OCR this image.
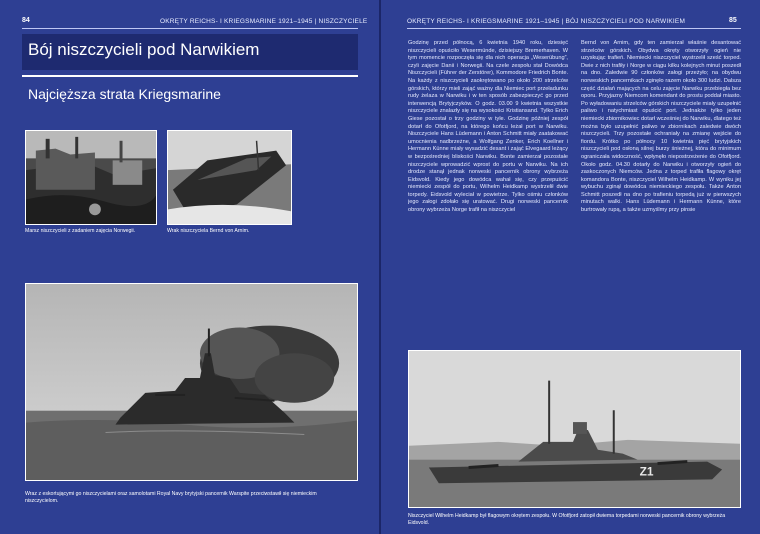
84	OKRĘTY REICHS- I KRIEGSMARINE 1921–1945 | NISZCZYCIELE
Bój niszczycieli pod Narwikiem
Najcięższa strata Kriegsmarine
Marsz niszczycieli z zadaniem zajęcia Norwegii.	Wrak niszczyciela Bernd von Arnim.
Wraz z eskortującymi go niszczycielami oraz samolotami Royal Navy brytyjski pancernik Warspite przeciwstawił się niemieckim niszczycielom.
OKRĘTY REICHS- I KRIEGSMARINE 1921–1945 | BÓJ NISZCZYCIELI POD NARWIKIEM	85

Godzinę przed północą, 6 kwietnia 1940 roku, dziesięć niszczycieli opuściło Wesermünde, dzisiejszy Bremerhaven. W tym momencie rozpoczęła się dla nich operacja „Weserübung”, czyli zajęcie Danii i Norwegii. Na czele zespołu stał Dowódca Niszczycieli (Führer der Zerstörer), Kommodore Friedrich Bonte. Na każdy z niszczycieli zaokrętowano po około 200 strzelców górskich, którzy mieli zająć ważny dla Niemiec port przeładunku rudy żelaza w Narwiku i w ten sposób zabezpieczyć go przed interwencją Brytyjczyków. O godz. 03.00 9 kwietnia wszystkie niszczyciele znalazły się na wysokości Kristiansand. Tylko Erich Giese pozostał o trzy godziny w tyle. Godzinę później zespół dotarł do Ofotfjord, na którego końcu leżał port w Narwiku. Niszczyciele Hans Lüdemann i Anton Schmitt miały zaatakować umocnienia nadbrzeżne, a Wolfgang Zenker, Erich Koellner i Hermann Künne miały wysadzić desant i zająć Elvegaard leżący w bezpośredniej bliskości Narwiku. Bonte zamierzał pozostałe niszczyciele wprowadzić wprost do portu w Narwiku. Na ich drodze stanął jednak norweski pancernik obrony wybrzeża Eidsvold. Kiedy jego dowódca wahał się, czy przepuścić niemiecki zespół do portu, Wilhelm Heidkamp wystrzelił dwie torpedy. Eidsvold wyleciał w powietrze. Tylko ośmiu członków jego załogi zdołało się uratować. Drugi norweski pancernik obrony wybrzeża Norge trafił na niszczyciel

Bernd von Arnim, gdy ten zamierzał właśnie desantować strzelców górskich. Obydwa okręty otworzyły ogień nie uzyskując trafień. Niemiecki niszczyciel wystrzelił sześć torped. Dwie z nich trafiły i Norge w ciągu kilku kolejnych minut poszedł na dno. Zaledwie 90 członków załogi przeżyło; na obydwu norweskich pancernikach zginęło razem około 300 ludzi. Dalsza część działań mających na celu zajęcie Narwiku przebiegła bez oporu. Przyjazny Niemcom komendant do prostu poddał miasto. Po wyładowaniu strzelców górskich niszczyciele miały uzupełnić paliwo i natychmiast opuścić port. Jednakże tylko jeden niemiecki zbiornikowiec dotarł wcześniej do Narwiku, dlatego też można było uzupełnić paliwo w zbiornikach zaledwie dwóch niszczycieli. Trzy pozostałe ochraniały na zmianę wejście do fiordu. Krótko po północy 10 kwietnia pięć brytyjskich niszczycieli pod osłoną silnej burzy śnieżnej, która do minimum ograniczała widoczność, wpłynęło niepostrzeżenie do Ofotfjord. Około godz. 04.30 dotarły do Narwiku i otworzyły ogień do zaskoczonych Niemców. Jedna z torped trafiła flagowy okręt komandora Bonte, niszczyciel Wilhelm Heidkamp. W wyniku jej wybuchu zginął dowódca niemieckiego zespołu. Także Anton Schmitt poszedł na dno po trafieniu torpedą już w pierwszych minutach walki. Hans Lüdemann i Hermann Künne, które burtrowały rupą, a także uzmyślmy przy pinsie

Z1
Niszczyciel Wilhelm Heidkamp był flagowym okrętem zespołu. W Ofotfjord zatopił dwiema torpedami norweski pancernik obrony wybrzeża Eidsvold.
